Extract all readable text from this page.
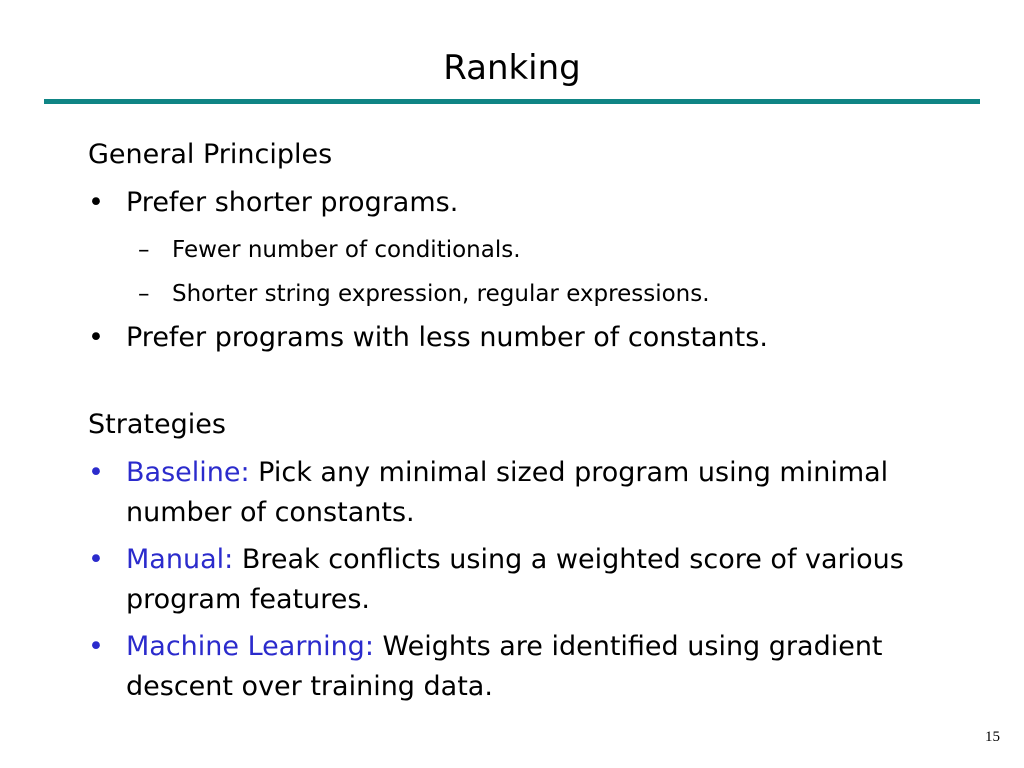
Ranking
General Principles
• Prefer shorter programs.
– Fewer number of conditionals.
– Shorter string expression, regular expressions.
• Prefer programs with less number of constants.
Strategies
• Baseline: Pick any minimal sized program using minimal number of constants.
• Manual: Break conflicts using a weighted score of various program features.
• Machine Learning: Weights are identified using gradient descent over training data.
15
